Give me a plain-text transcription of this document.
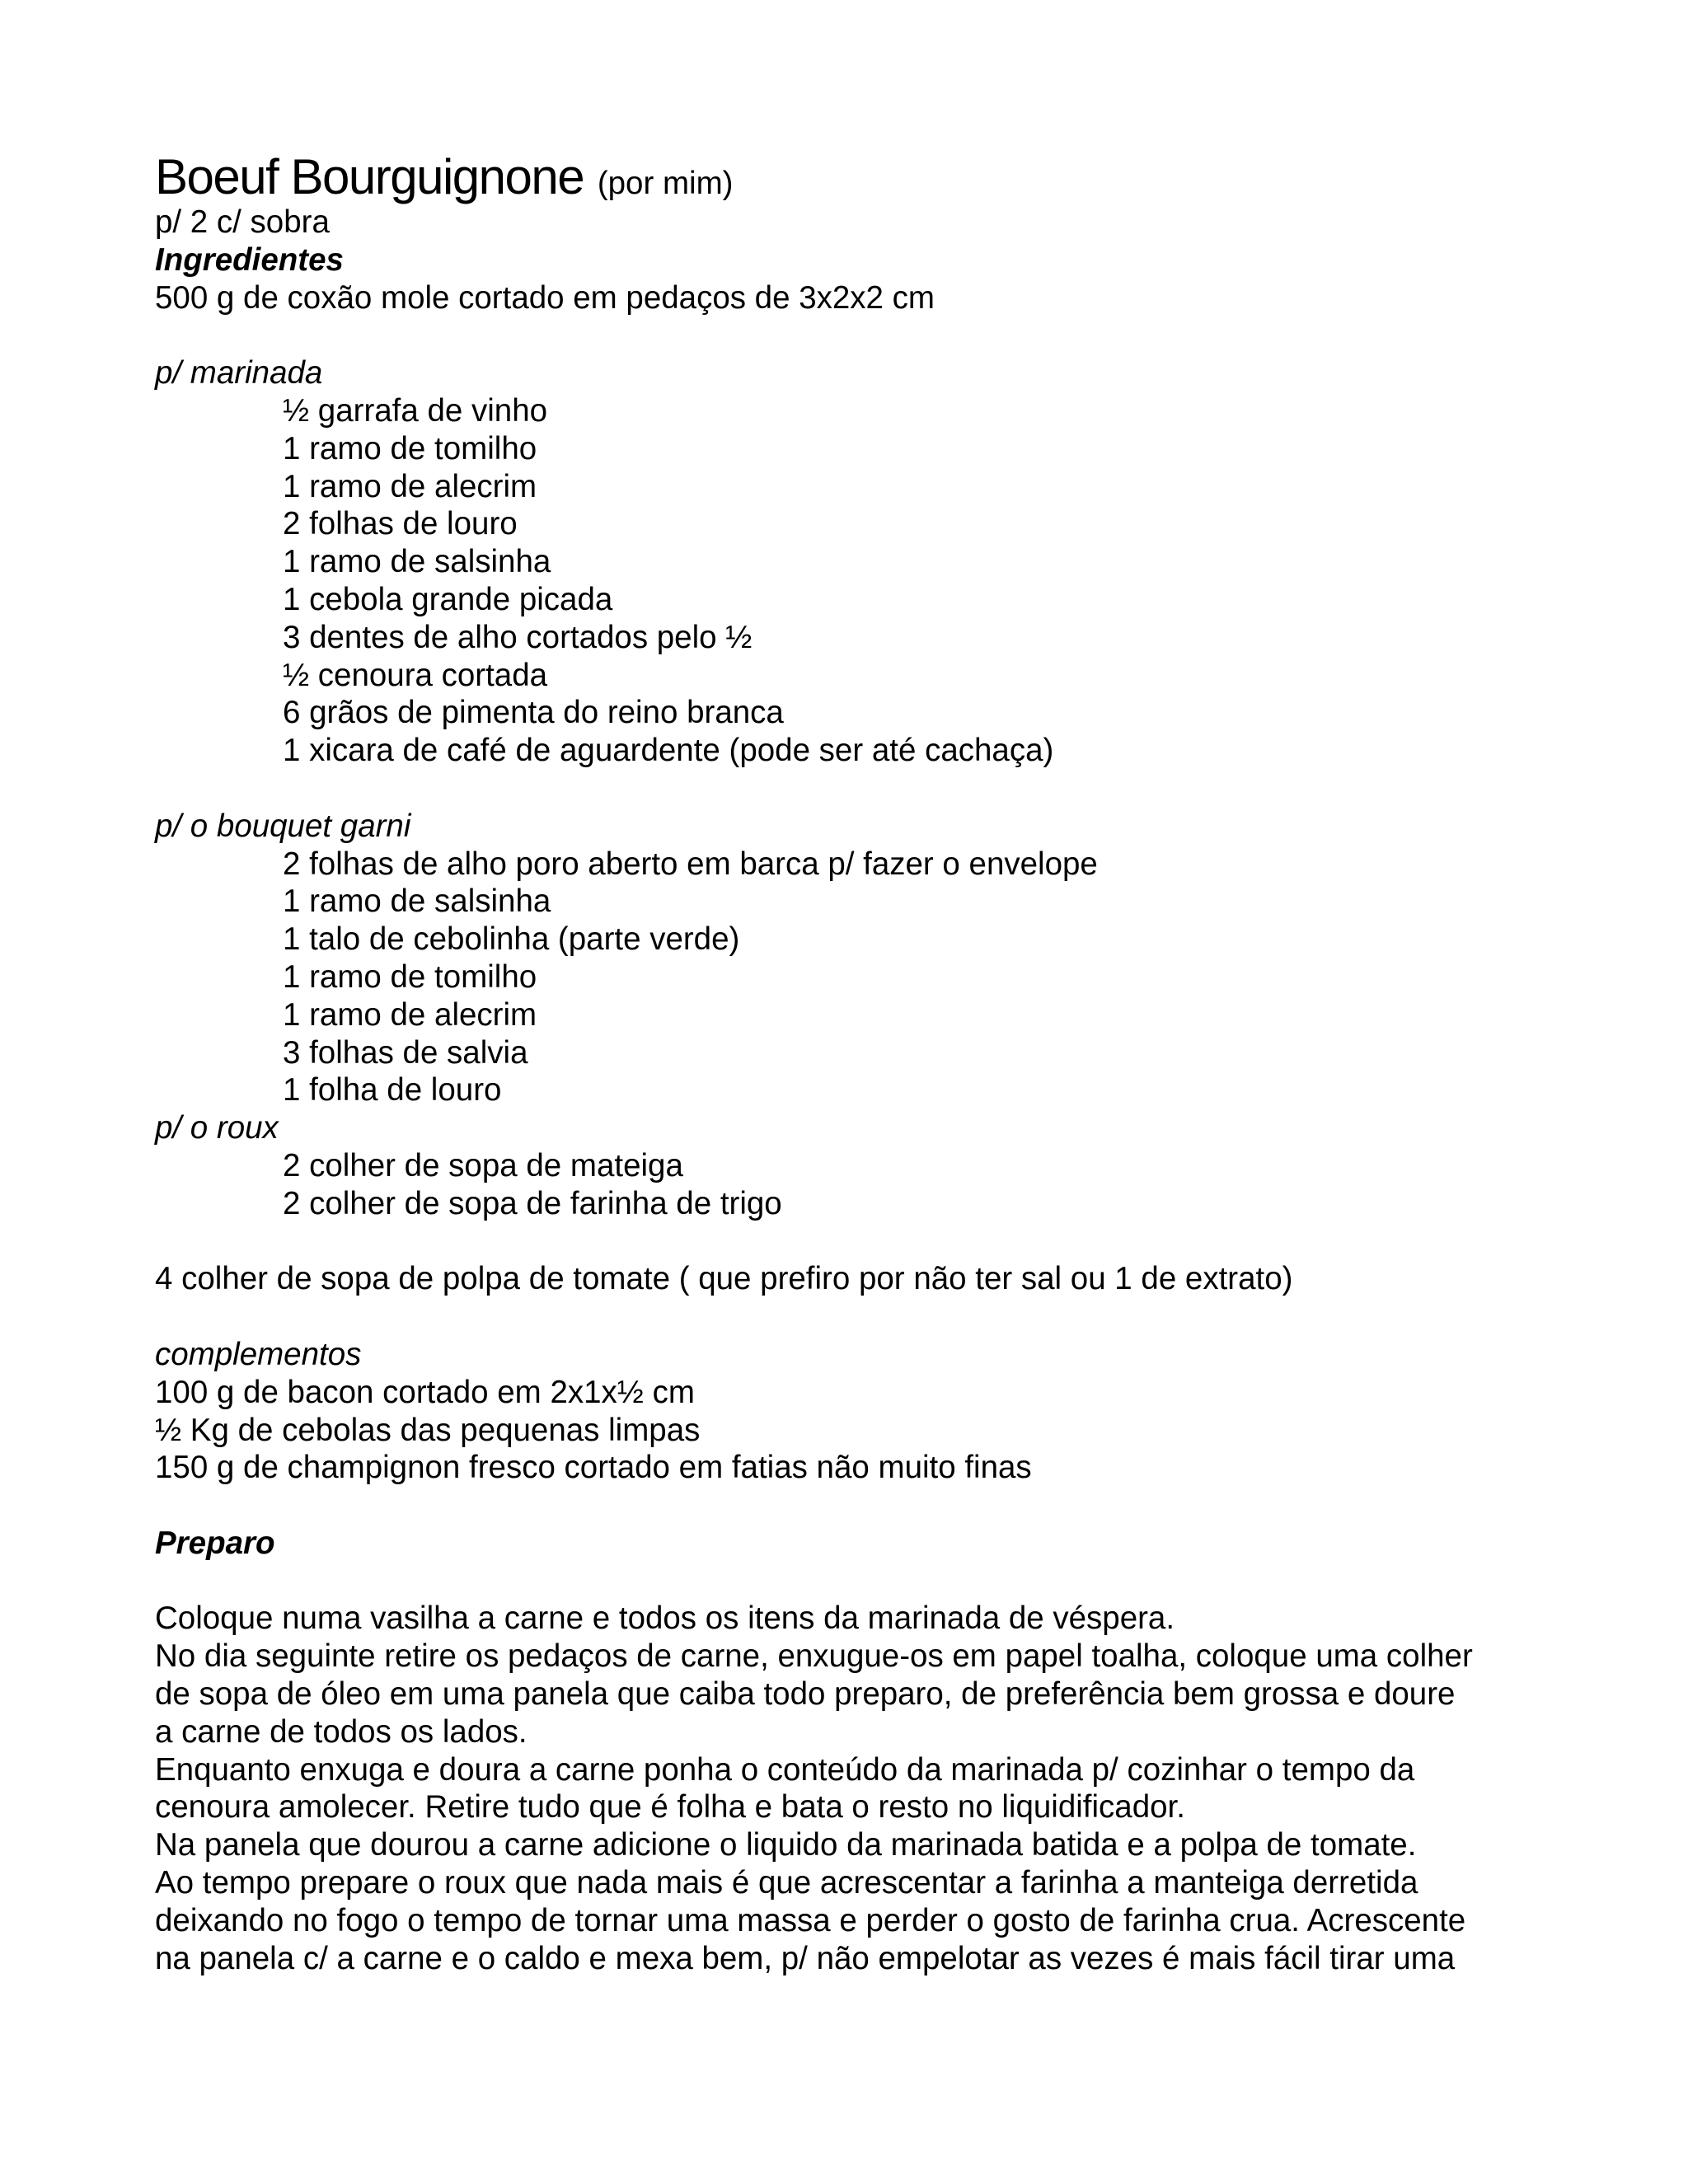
Boeuf Bourguignone (por mim)
p/ 2 c/ sobra
Ingredientes
500 g de coxão mole cortado em pedaços de 3x2x2 cm
p/ marinada
½ garrafa de vinho
1 ramo de tomilho
1 ramo de alecrim
2 folhas de louro
1 ramo de salsinha
1 cebola grande picada
3 dentes de alho cortados pelo ½
½ cenoura cortada
6 grãos de pimenta do reino branca
1 xicara de café de aguardente (pode ser até cachaça)
p/ o bouquet garni
2 folhas de alho poro aberto em barca p/ fazer o envelope
1 ramo de salsinha
1 talo de cebolinha (parte verde)
1 ramo de tomilho
1 ramo de alecrim
3 folhas de salvia
1 folha de louro
p/ o roux
2 colher de sopa de mateiga
2 colher de sopa de farinha de trigo
4 colher de sopa de polpa de tomate ( que prefiro por não ter sal ou 1 de extrato)
complementos
100 g de bacon cortado em 2x1x½ cm
½ Kg de cebolas das pequenas limpas
150 g de champignon fresco cortado em fatias não muito finas
Preparo
Coloque numa vasilha a carne e todos os itens da marinada de véspera.
No dia seguinte retire os pedaços de carne, enxugue-os em papel toalha, coloque uma colher
de sopa de óleo em uma panela que caiba todo preparo, de preferência bem grossa e doure
a carne de todos os lados.
Enquanto enxuga e doura a carne ponha o conteúdo da marinada p/ cozinhar o tempo da
cenoura amolecer. Retire tudo que é folha e bata o resto no liquidificador.
Na panela que dourou a carne adicione o liquido da marinada batida e a polpa de tomate.
Ao tempo prepare o roux que nada mais é que acrescentar a farinha a manteiga derretida
deixando no fogo o tempo de tornar uma massa e perder o gosto de farinha crua. Acrescente
na panela c/ a carne e o caldo e mexa bem, p/ não empelotar as vezes é mais fácil tirar uma
